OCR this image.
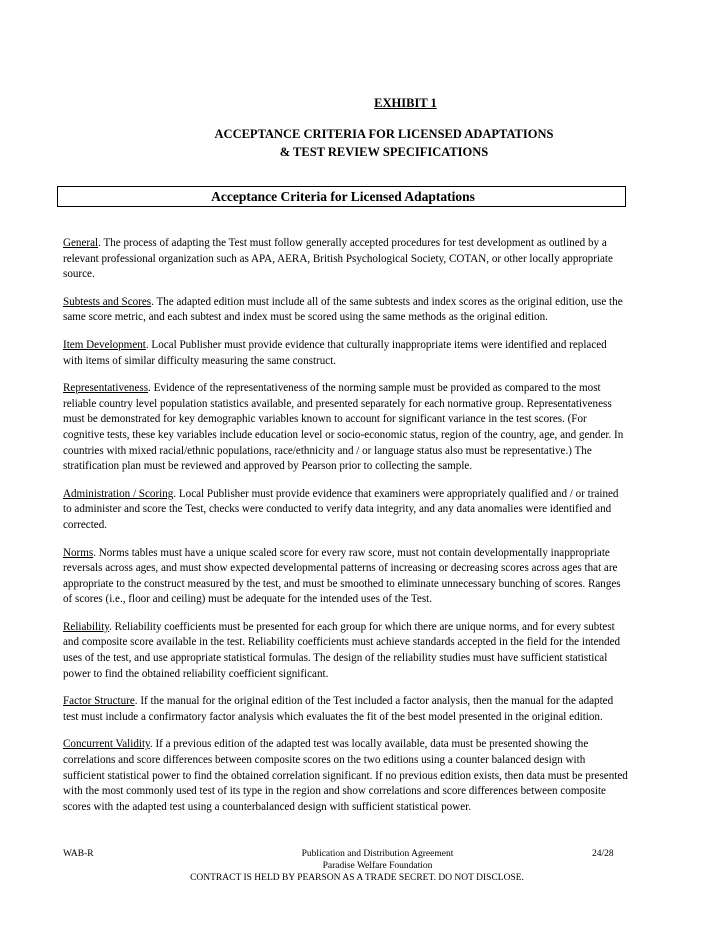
EXHIBIT 1
ACCEPTANCE CRITERIA FOR LICENSED ADAPTATIONS
& TEST REVIEW SPECIFICATIONS
Acceptance Criteria for Licensed Adaptations

General. The process of adapting the Test must follow generally accepted procedures for test development as outlined by a relevant professional organization such as APA, AERA, British Psychological Society, COTAN, or other locally appropriate source.

Subtests and Scores. The adapted edition must include all of the same subtests and index scores as the original edition, use the same score metric, and each subtest and index must be scored using the same methods as the original edition.

Item Development. Local Publisher must provide evidence that culturally inappropriate items were identified and replaced with items of similar difficulty measuring the same construct.

Representativeness. Evidence of the representativeness of the norming sample must be provided as compared to the most reliable country level population statistics available, and presented separately for each normative group. Representativeness must be demonstrated for key demographic variables known to account for significant variance in the test scores. (For cognitive tests, these key variables include education level or socio-economic status, region of the country, age, and gender. In countries with mixed racial/ethnic populations, race/ethnicity and / or language status also must be representative.) The stratification plan must be reviewed and approved by Pearson prior to collecting the sample.

Administration / Scoring. Local Publisher must provide evidence that examiners were appropriately qualified and / or trained to administer and score the Test, checks were conducted to verify data integrity, and any data anomalies were identified and corrected.

Norms. Norms tables must have a unique scaled score for every raw score, must not contain developmentally inappropriate reversals across ages, and must show expected developmental patterns of increasing or decreasing scores across ages that are appropriate to the construct measured by the test, and must be smoothed to eliminate unnecessary bunching of scores. Ranges of scores (i.e., floor and ceiling) must be adequate for the intended uses of the Test.

Reliability. Reliability coefficients must be presented for each group for which there are unique norms, and for every subtest and composite score available in the test. Reliability coefficients must achieve standards accepted in the field for the intended uses of the test, and use appropriate statistical formulas. The design of the reliability studies must have sufficient statistical power to find the obtained reliability coefficient significant.

Factor Structure. If the manual for the original edition of the Test included a factor analysis, then the manual for the adapted test must include a confirmatory factor analysis which evaluates the fit of the best model presented in the original edition.

Concurrent Validity. If a previous edition of the adapted test was locally available, data must be presented showing the correlations and score differences between composite scores on the two editions using a counter balanced design with sufficient statistical power to find the obtained correlation significant. If no previous edition exists, then data must be presented with the most commonly used test of its type in the region and show correlations and score differences between composite scores with the adapted test using a counterbalanced design with sufficient statistical power.

WAB-R	Publication and Distribution Agreement
Paradise Welfare Foundation
24/28
CONTRACT IS HELD BY PEARSON AS A TRADE SECRET. DO NOT DISCLOSE.
